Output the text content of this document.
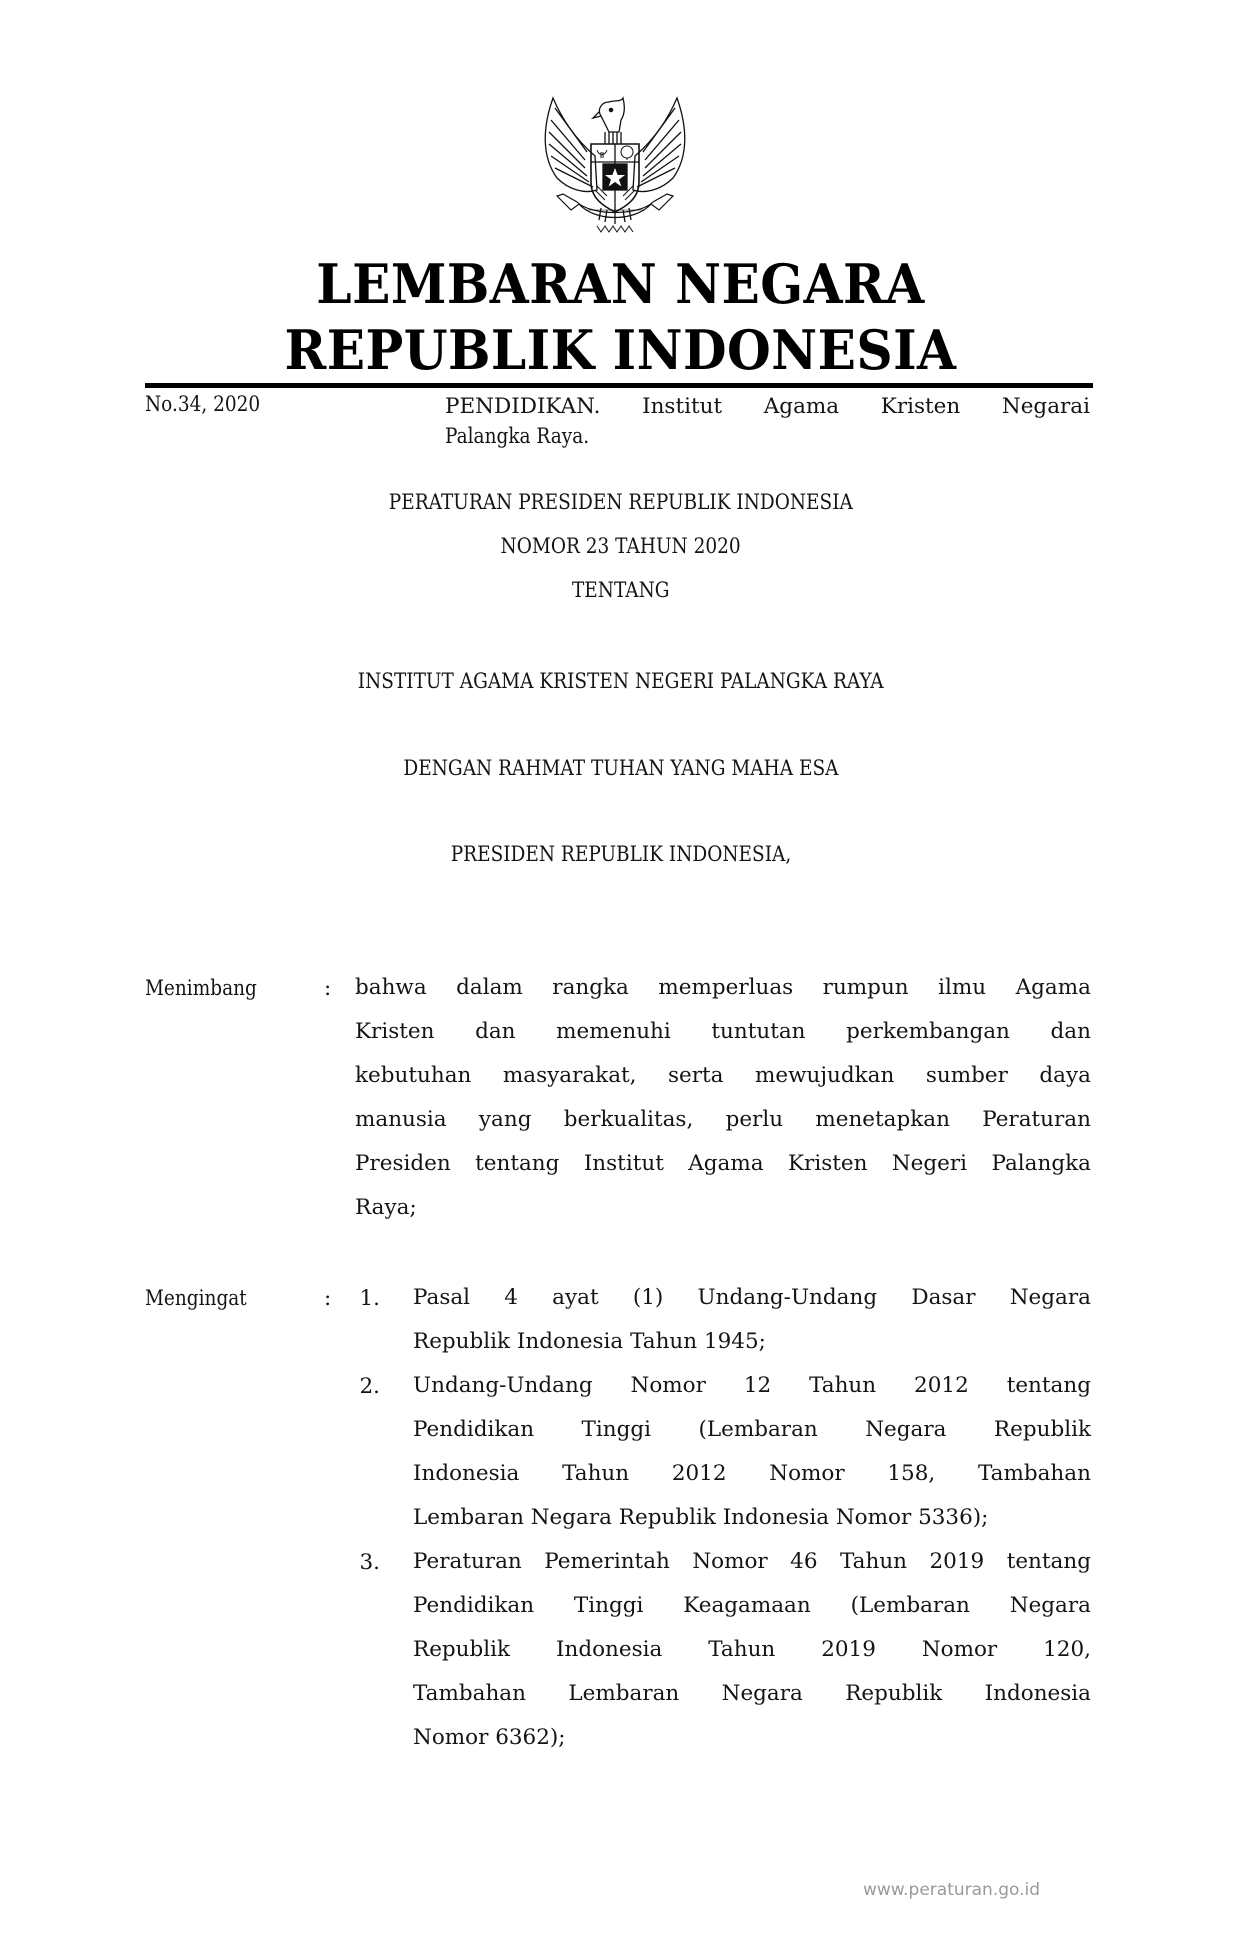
LEMBARAN NEGARA
REPUBLIK INDONESIA
No.34, 2020	PENDIDIKAN. Institut Agama Kristen Negarai
Palangka Raya.
PERATURAN PRESIDEN REPUBLIK INDONESIA
NOMOR 23 TAHUN 2020
TENTANG
INSTITUT AGAMA KRISTEN NEGERI PALANGKA RAYA
DENGAN RAHMAT TUHAN YANG MAHA ESA
PRESIDEN REPUBLIK INDONESIA,
Menimbang	: bahwa dalam rangka memperluas rumpun ilmu Agama
Kristen dan memenuhi tuntutan perkembangan dan
kebutuhan masyarakat, serta mewujudkan sumber daya
manusia yang berkualitas, perlu menetapkan Peraturan
Presiden tentang Institut Agama Kristen Negeri Palangka
Raya;
Mengingat	:	1. Pasal 4 ayat (1) Undang-Undang Dasar Negara
Republik Indonesia Tahun 1945;
2. Undang-Undang Nomor 12 Tahun 2012 tentang
Pendidikan Tinggi (Lembaran Negara Republik
Indonesia Tahun 2012 Nomor 158, Tambahan
Lembaran Negara Republik Indonesia Nomor 5336);
3. Peraturan Pemerintah Nomor 46 Tahun 2019 tentang
Pendidikan Tinggi Keagamaan (Lembaran Negara
Republik Indonesia Tahun 2019 Nomor 120,
Tambahan Lembaran Negara Republik Indonesia
Nomor 6362);
www.peraturan.go.id
